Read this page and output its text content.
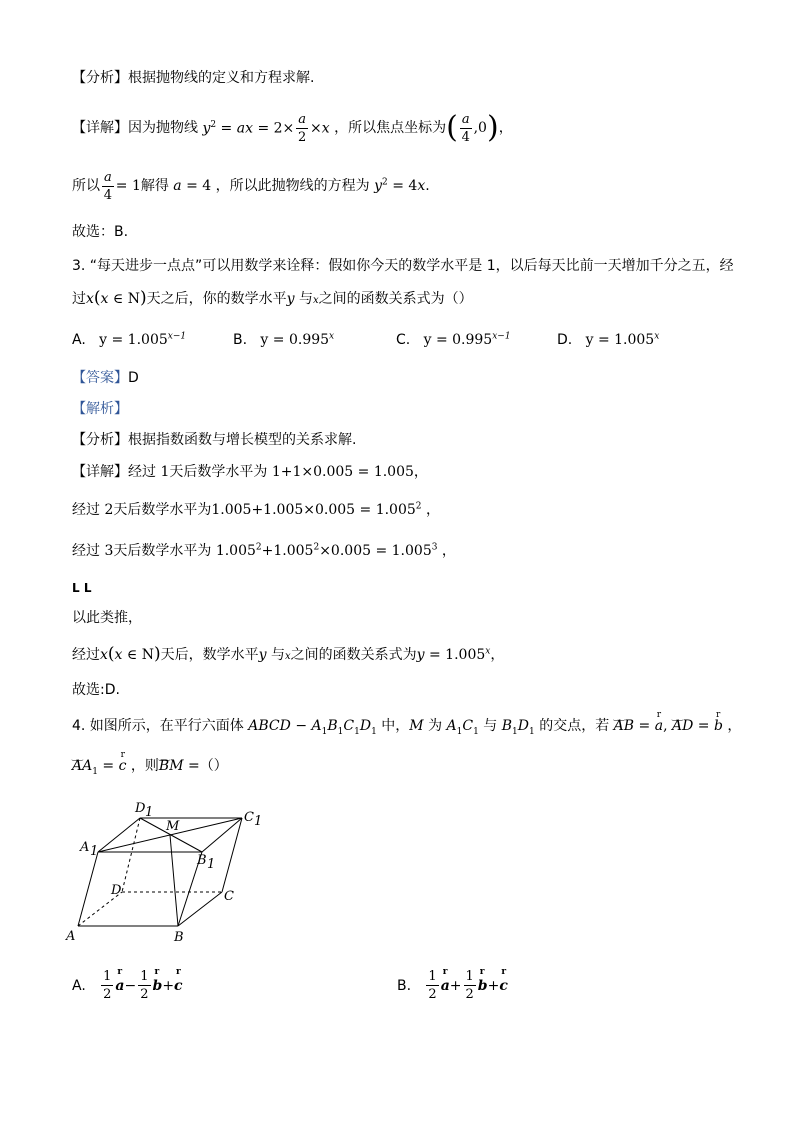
【分析】根据抛物线的定义和方程求解.
【详解】 因为抛物线 $y^2$ = ax = $2\times \frac{a}{2} \times x$ ，所以焦点坐标为 ( $\frac{a}{4} ,0$ ) ，
所以 $\frac{a}{4} = 1$ 解得 a = 4 ，所以此抛物线的方程为 $y^2 = 4x$ .
故选：B.
3. “每天进步一点点”可以用数学来诠释：假如你今天的数学水平是 1，以后每天比前一天增加千分之五，经
过x(x ∈ N)天之后，你的数学水平y 与x之间的函数关系式为（）
A. $y = 1.005^{x-1}$	B. $y = 0.995^x$	C. $y = 0.995^{x-1}$	D. $y = 1.005^x$
【答案】D
【解析】
【分析】根据指数函数与增长模型的关系求解.
【详解】经过 1天后数学水平为 1+1×0.005 = 1.005，
经过 2天后数学水平为$1.005+1.005\times 0.005 = 1.005^2$ ，
经过 3天后数学水平为 $1.005^2+1.005^2\times 0.005 = 1.005^3$ ，
L L
以此类推，
经过x(x ∈ N)天后，数学水平y 与x之间的函数关系式为$y = 1.005^x$，
故选:D.
4. 如图所示，在平行六面体 ABCD − $A_1B_1C_1D_1$ 中，M 为 $A_1C_1$ 与 $B_1D_1$ 的交点，若 ‿‿ AB = r a, ‿‿ AD = r b ，
‿‿ $AA_1 = r$ c ，则‿‿ BM =（）
A	B
C
D
A 1
B 1
C 1
D 1
M
A.
$\frac{1}{2}$ r $a - \frac{1}{2}$ r b + r c	B.
$\frac{1}{2}$ r $a + \frac{1}{2}$ r b + r c
